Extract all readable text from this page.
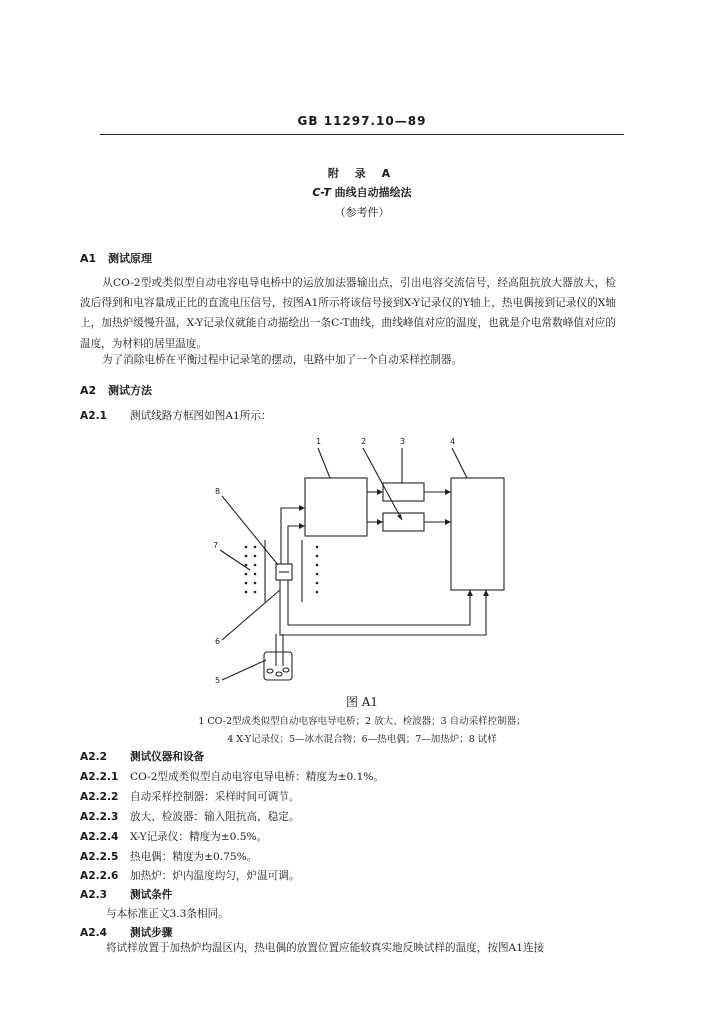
GB 11297.10—89
附 录 A
C-T 曲线自动描绘法
（参考件）
A1 测试原理

从CO-2型或类似型自动电容电导电桥中的运放加法器输出点，引出电容交流信号，经高阻抗放大器放大，检波后得到和电容量成正比的直流电压信号，按图A1所示将该信号接到X-Y记录仪的Y轴上，热电偶接到记录仪的X轴上，加热炉缓慢升温，X-Y记录仪就能自动描绘出一条C-T曲线，曲线峰值对应的温度，也就是介电常数峰值对应的温度，为材料的居里温度。

为了消除电桥在平衡过程中记录笔的摆动，电路中加了一个自动采样控制器。

A2 测试方法
A2.1 测试线路方框图如图A1所示：
1	2	3	4
8
7
6
5
图 A1
1 CO-2型成类似型自动电容电导电桥；2 放大、检波器；3 自动采样控制器；
4 X-Y记录仪；5—冰水混合物；6—热电偶；7—加热炉；8 试样
A2.2 测试仪器和设备
A2.2.1 CO-2型成类似型自动电容电导电桥：精度为±0.1%。
A2.2.2 自动采样控制器：采样时间可调节。
A2.2.3 放大、检波器：输入阻抗高，稳定。
A2.2.4 X-Y记录仪：精度为±0.5%。
A2.2.5 热电偶：精度为±0.75%。
A2.2.6 加热炉：炉内温度均匀，炉温可调。
A2.3 测试条件
与本标准正文3.3条相同。
A2.4 测试步骤

将试样放置于加热炉均温区内，热电偶的放置位置应能较真实地反映试样的温度，按图A1连接
